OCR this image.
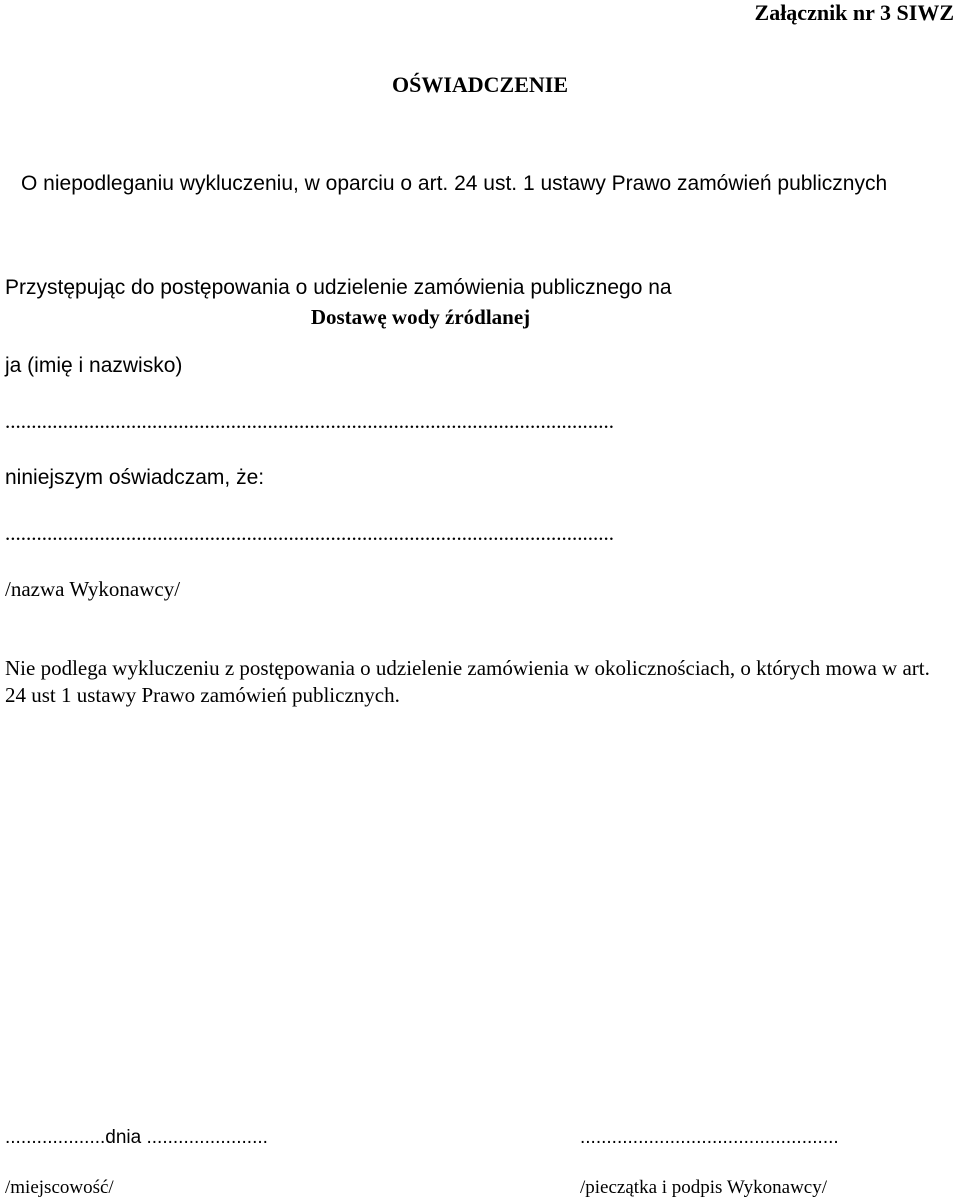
Załącznik nr 3 SIWZ
OŚWIADCZENIE
O niepodleganiu wykluczeniu, w oparciu o art. 24 ust. 1 ustawy Prawo zamówień publicznych
Przystępując do postępowania o udzielenie zamówienia publicznego na
Dostawę wody źródlanej
ja (imię i nazwisko)
....................................................................................................................
niniejszym oświadczam, że:
....................................................................................................................
/nazwa Wykonawcy/
Nie podlega wykluczeniu z postępowania o udzielenie zamówienia w okolicznościach, o których mowa w art. 24 ust 1 ustawy Prawo zamówień publicznych.
...................dnia .......................
/miejscowość/
.................................................
/pieczątka i podpis Wykonawcy/
